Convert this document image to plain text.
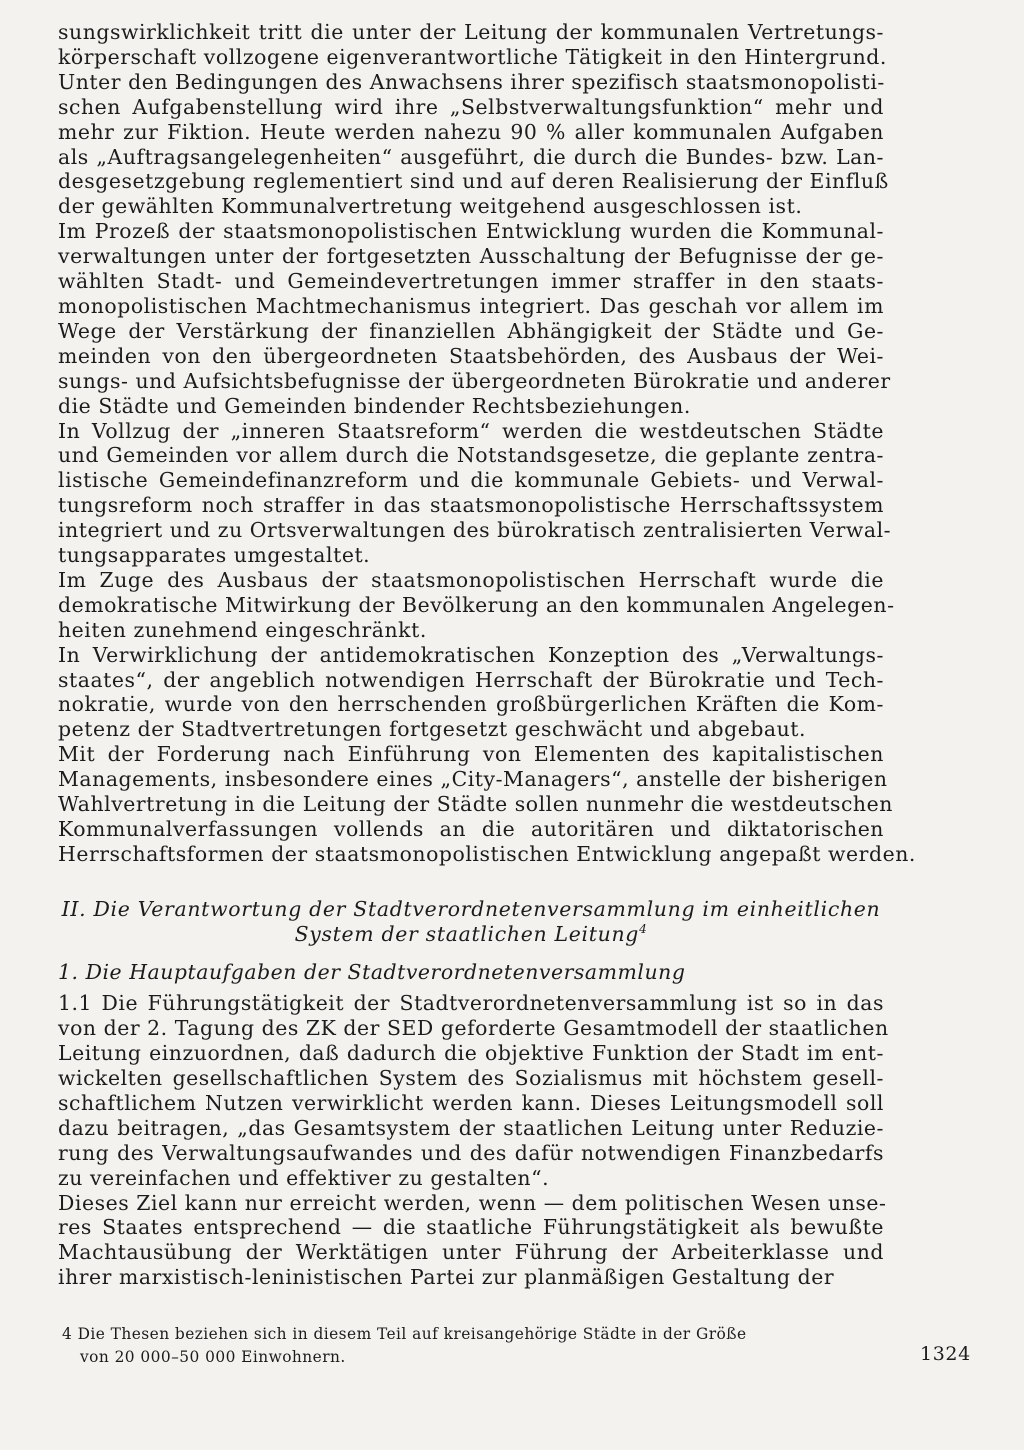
sungswirklichkeit tritt die unter der Leitung der kommunalen Vertretungs-
körperschaft vollzogene eigenverantwortliche Tätigkeit in den Hintergrund.
Unter den Bedingungen des Anwachsens ihrer spezifisch staatsmonopolisti-
schen Aufgabenstellung wird ihre „Selbstverwaltungsfunktion“ mehr und
mehr zur Fiktion. Heute werden nahezu 90 % aller kommunalen Aufgaben
als „Auftragsangelegenheiten“ ausgeführt, die durch die Bundes- bzw. Lan-
desgesetzgebung reglementiert sind und auf deren Realisierung der Einfluß
der gewählten Kommunalvertretung weitgehend ausgeschlossen ist.

Im Prozeß der staatsmonopolistischen Entwicklung wurden die Kommunal-
verwaltungen unter der fortgesetzten Ausschaltung der Befugnisse der ge-
wählten Stadt- und Gemeindevertretungen immer straffer in den staats-
monopolistischen Machtmechanismus integriert. Das geschah vor allem im
Wege der Verstärkung der finanziellen Abhängigkeit der Städte und Ge-
meinden von den übergeordneten Staatsbehörden, des Ausbaus der Wei-
sungs- und Aufsichtsbefugnisse der übergeordneten Bürokratie und anderer
die Städte und Gemeinden bindender Rechtsbeziehungen.

In Vollzug der „inneren Staatsreform“ werden die westdeutschen Städte
und Gemeinden vor allem durch die Notstandsgesetze, die geplante zentra-
listische Gemeindefinanzreform und die kommunale Gebiets- und Verwal-
tungsreform noch straffer in das staatsmonopolistische Herrschaftssystem
integriert und zu Ortsverwaltungen des bürokratisch zentralisierten Verwal-
tungsapparates umgestaltet.

Im Zuge des Ausbaus der staatsmonopolistischen Herrschaft wurde die
demokratische Mitwirkung der Bevölkerung an den kommunalen Angelegen-
heiten zunehmend eingeschränkt.

In Verwirklichung der antidemokratischen Konzeption des „Verwaltungs-
staates“, der angeblich notwendigen Herrschaft der Bürokratie und Tech-
nokratie, wurde von den herrschenden großbürgerlichen Kräften die Kom-
petenz der Stadtvertretungen fortgesetzt geschwächt und abgebaut.

Mit der Forderung nach Einführung von Elementen des kapitalistischen
Managements, insbesondere eines „City-Managers“, anstelle der bisherigen
Wahlvertretung in die Leitung der Städte sollen nunmehr die westdeutschen
Kommunalverfassungen vollends an die autoritären und diktatorischen
Herrschaftsformen der staatsmonopolistischen Entwicklung angepaßt werden.

II. Die Verantwortung der Stadtverordnetenversammlung im einheitlichen
System der staatlichen Leitung$^4$
1. Die Hauptaufgaben der Stadtverordnetenversammlung

1.1 Die Führungstätigkeit der Stadtverordnetenversammlung ist so in das
von der 2. Tagung des ZK der SED geforderte Gesamtmodell der staatlichen
Leitung einzuordnen, daß dadurch die objektive Funktion der Stadt im ent-
wickelten gesellschaftlichen System des Sozialismus mit höchstem gesell-
schaftlichem Nutzen verwirklicht werden kann. Dieses Leitungsmodell soll
dazu beitragen, „das Gesamtsystem der staatlichen Leitung unter Reduzie-
rung des Verwaltungsaufwandes und des dafür notwendigen Finanzbedarfs
zu vereinfachen und effektiver zu gestalten“.

Dieses Ziel kann nur erreicht werden, wenn — dem politischen Wesen unse-
res Staates entsprechend — die staatliche Führungstätigkeit als bewußte
Machtausübung der Werktätigen unter Führung der Arbeiterklasse und
ihrer marxistisch-leninistischen Partei zur planmäßigen Gestaltung der

4 Die Thesen beziehen sich in diesem Teil auf kreisangehörige Städte in der Größe
von 20 000–50 000 Einwohnern.	1324
